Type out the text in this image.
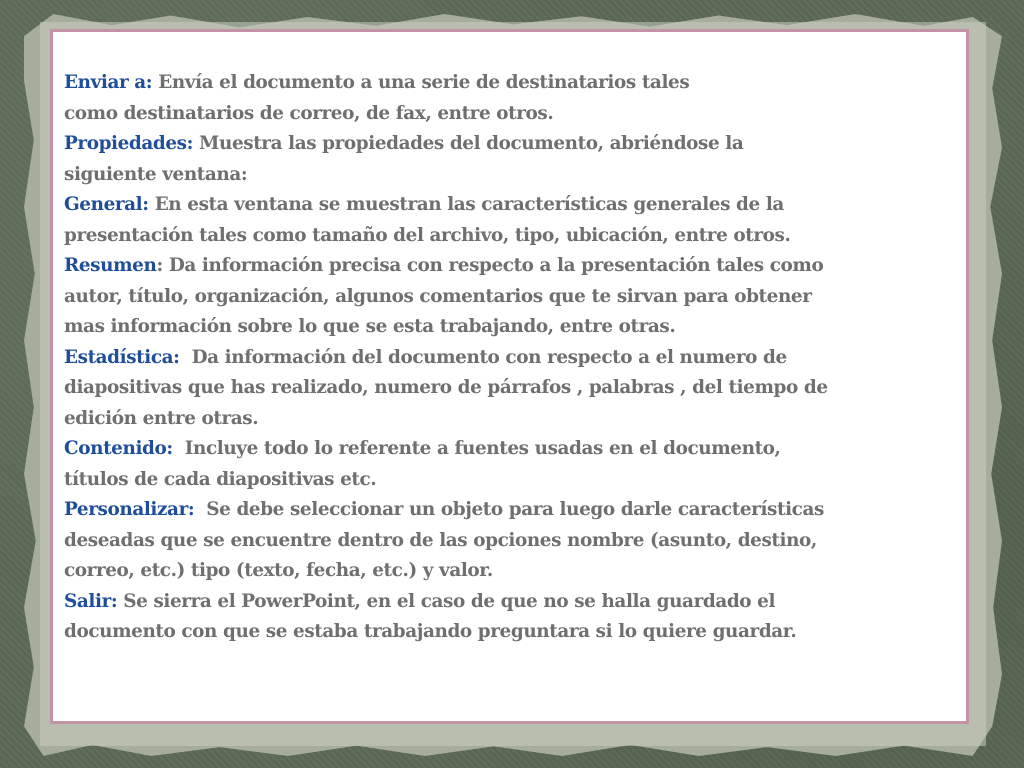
Enviar a: Envía el documento a una serie de destinatarios tales
como destinatarios de correo, de fax, entre otros.

Propiedades: Muestra las propiedades del documento, abriéndose la
siguiente ventana:

General: En esta ventana se muestran las características generales de la
presentación tales como tamaño del archivo, tipo, ubicación, entre otros.

Resumen: Da información precisa con respecto a la presentación tales como
autor, título, organización, algunos comentarios que te sirvan para obtener
mas información sobre lo que se esta trabajando, entre otras.

Estadística: Da información del documento con respecto a el numero de
diapositivas que has realizado, numero de párrafos , palabras , del tiempo de
edición entre otras.

Contenido: Incluye todo lo referente a fuentes usadas en el documento,
títulos de cada diapositivas etc.

Personalizar: Se debe seleccionar un objeto para luego darle características
deseadas que se encuentre dentro de las opciones nombre (asunto, destino,
correo, etc.) tipo (texto, fecha, etc.) y valor.

Salir: Se sierra el PowerPoint, en el caso de que no se halla guardado el
documento con que se estaba trabajando preguntara si lo quiere guardar.
